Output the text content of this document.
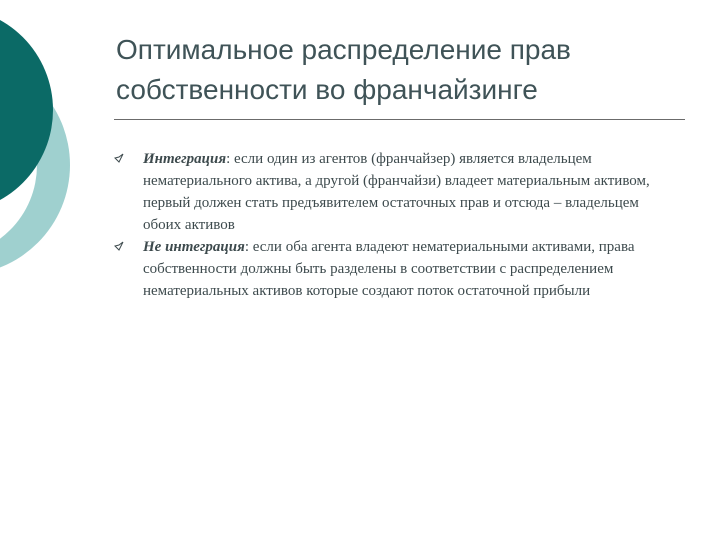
Оптимальное распределение прав
собственности во франчайзинге
Интеграция: если один из агентов (франчайзер) является владельцем нематериального актива, а другой (франчайзи) владеет материальным активом, первый должен стать предъявителем остаточных прав и отсюда – владельцем обоих активов
Не интеграция: если оба агента владеют нематериальными активами, права собственности должны быть разделены в соответствии с распределением нематериальных активов которые создают поток остаточной прибыли
